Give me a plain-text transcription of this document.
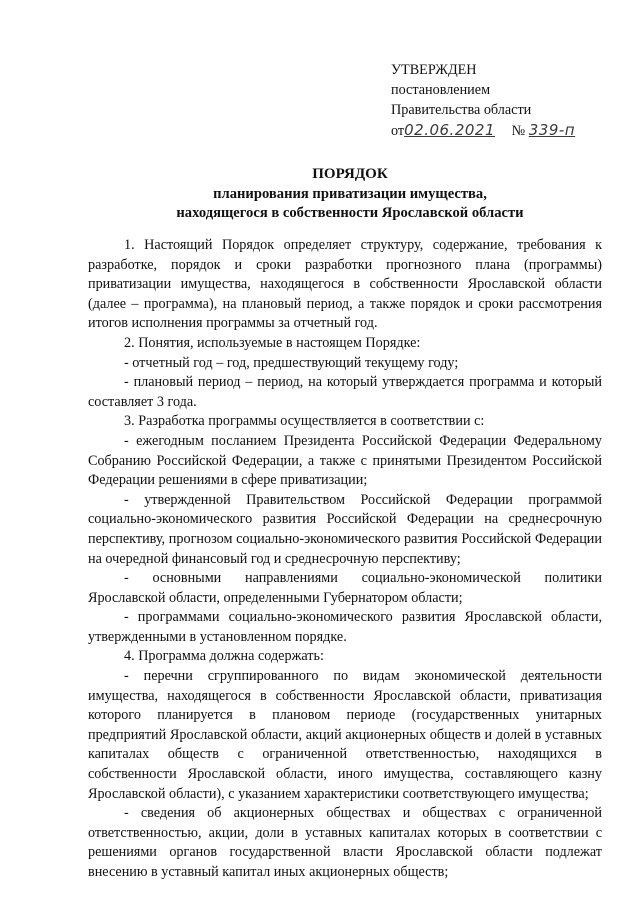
УТВЕРЖДЕН
постановлением
Правительства области
от02.06.2021 № 339-п
ПОРЯДОК
планирования приватизации имущества,
находящегося в собственности Ярославской области

1. Настоящий Порядок определяет структуру, содержание, требования к разработке, порядок и сроки разработки прогнозного плана (программы) приватизации имущества, находящегося в собственности Ярославской области (далее – программа), на плановый период, а также порядок и сроки рассмотрения итогов исполнения программы за отчетный год.

2. Понятия, используемые в настоящем Порядке:

- отчетный год – год, предшествующий текущему году;

- плановый период – период, на который утверждается программа и который составляет 3 года.

3. Разработка программы осуществляется в соответствии с:

- ежегодным посланием Президента Российской Федерации Федеральному Собранию Российской Федерации, а также с принятыми Президентом Российской Федерации решениями в сфере приватизации;

- утвержденной Правительством Российской Федерации программой социально-экономического развития Российской Федерации на среднесрочную перспективу, прогнозом социально-экономического развития Российской Федерации на очередной финансовый год и среднесрочную перспективу;

- основными направлениями социально-экономической политики Ярославской области, определенными Губернатором области;

- программами социально-экономического развития Ярославской области, утвержденными в установленном порядке.

4. Программа должна содержать:

- перечни сгруппированного по видам экономической деятельности имущества, находящегося в собственности Ярославской области, приватизация которого планируется в плановом периоде (государственных унитарных предприятий Ярославской области, акций акционерных обществ и долей в уставных капиталах обществ с ограниченной ответственностью, находящихся в собственности Ярославской области, иного имущества, составляющего казну Ярославской области), с указанием характеристики соответствующего имущества;

- сведения об акционерных обществах и обществах с ограниченной ответственностью, акции, доли в уставных капиталах которых в соответствии с решениями органов государственной власти Ярославской области подлежат внесению в уставный капитал иных акционерных обществ;
